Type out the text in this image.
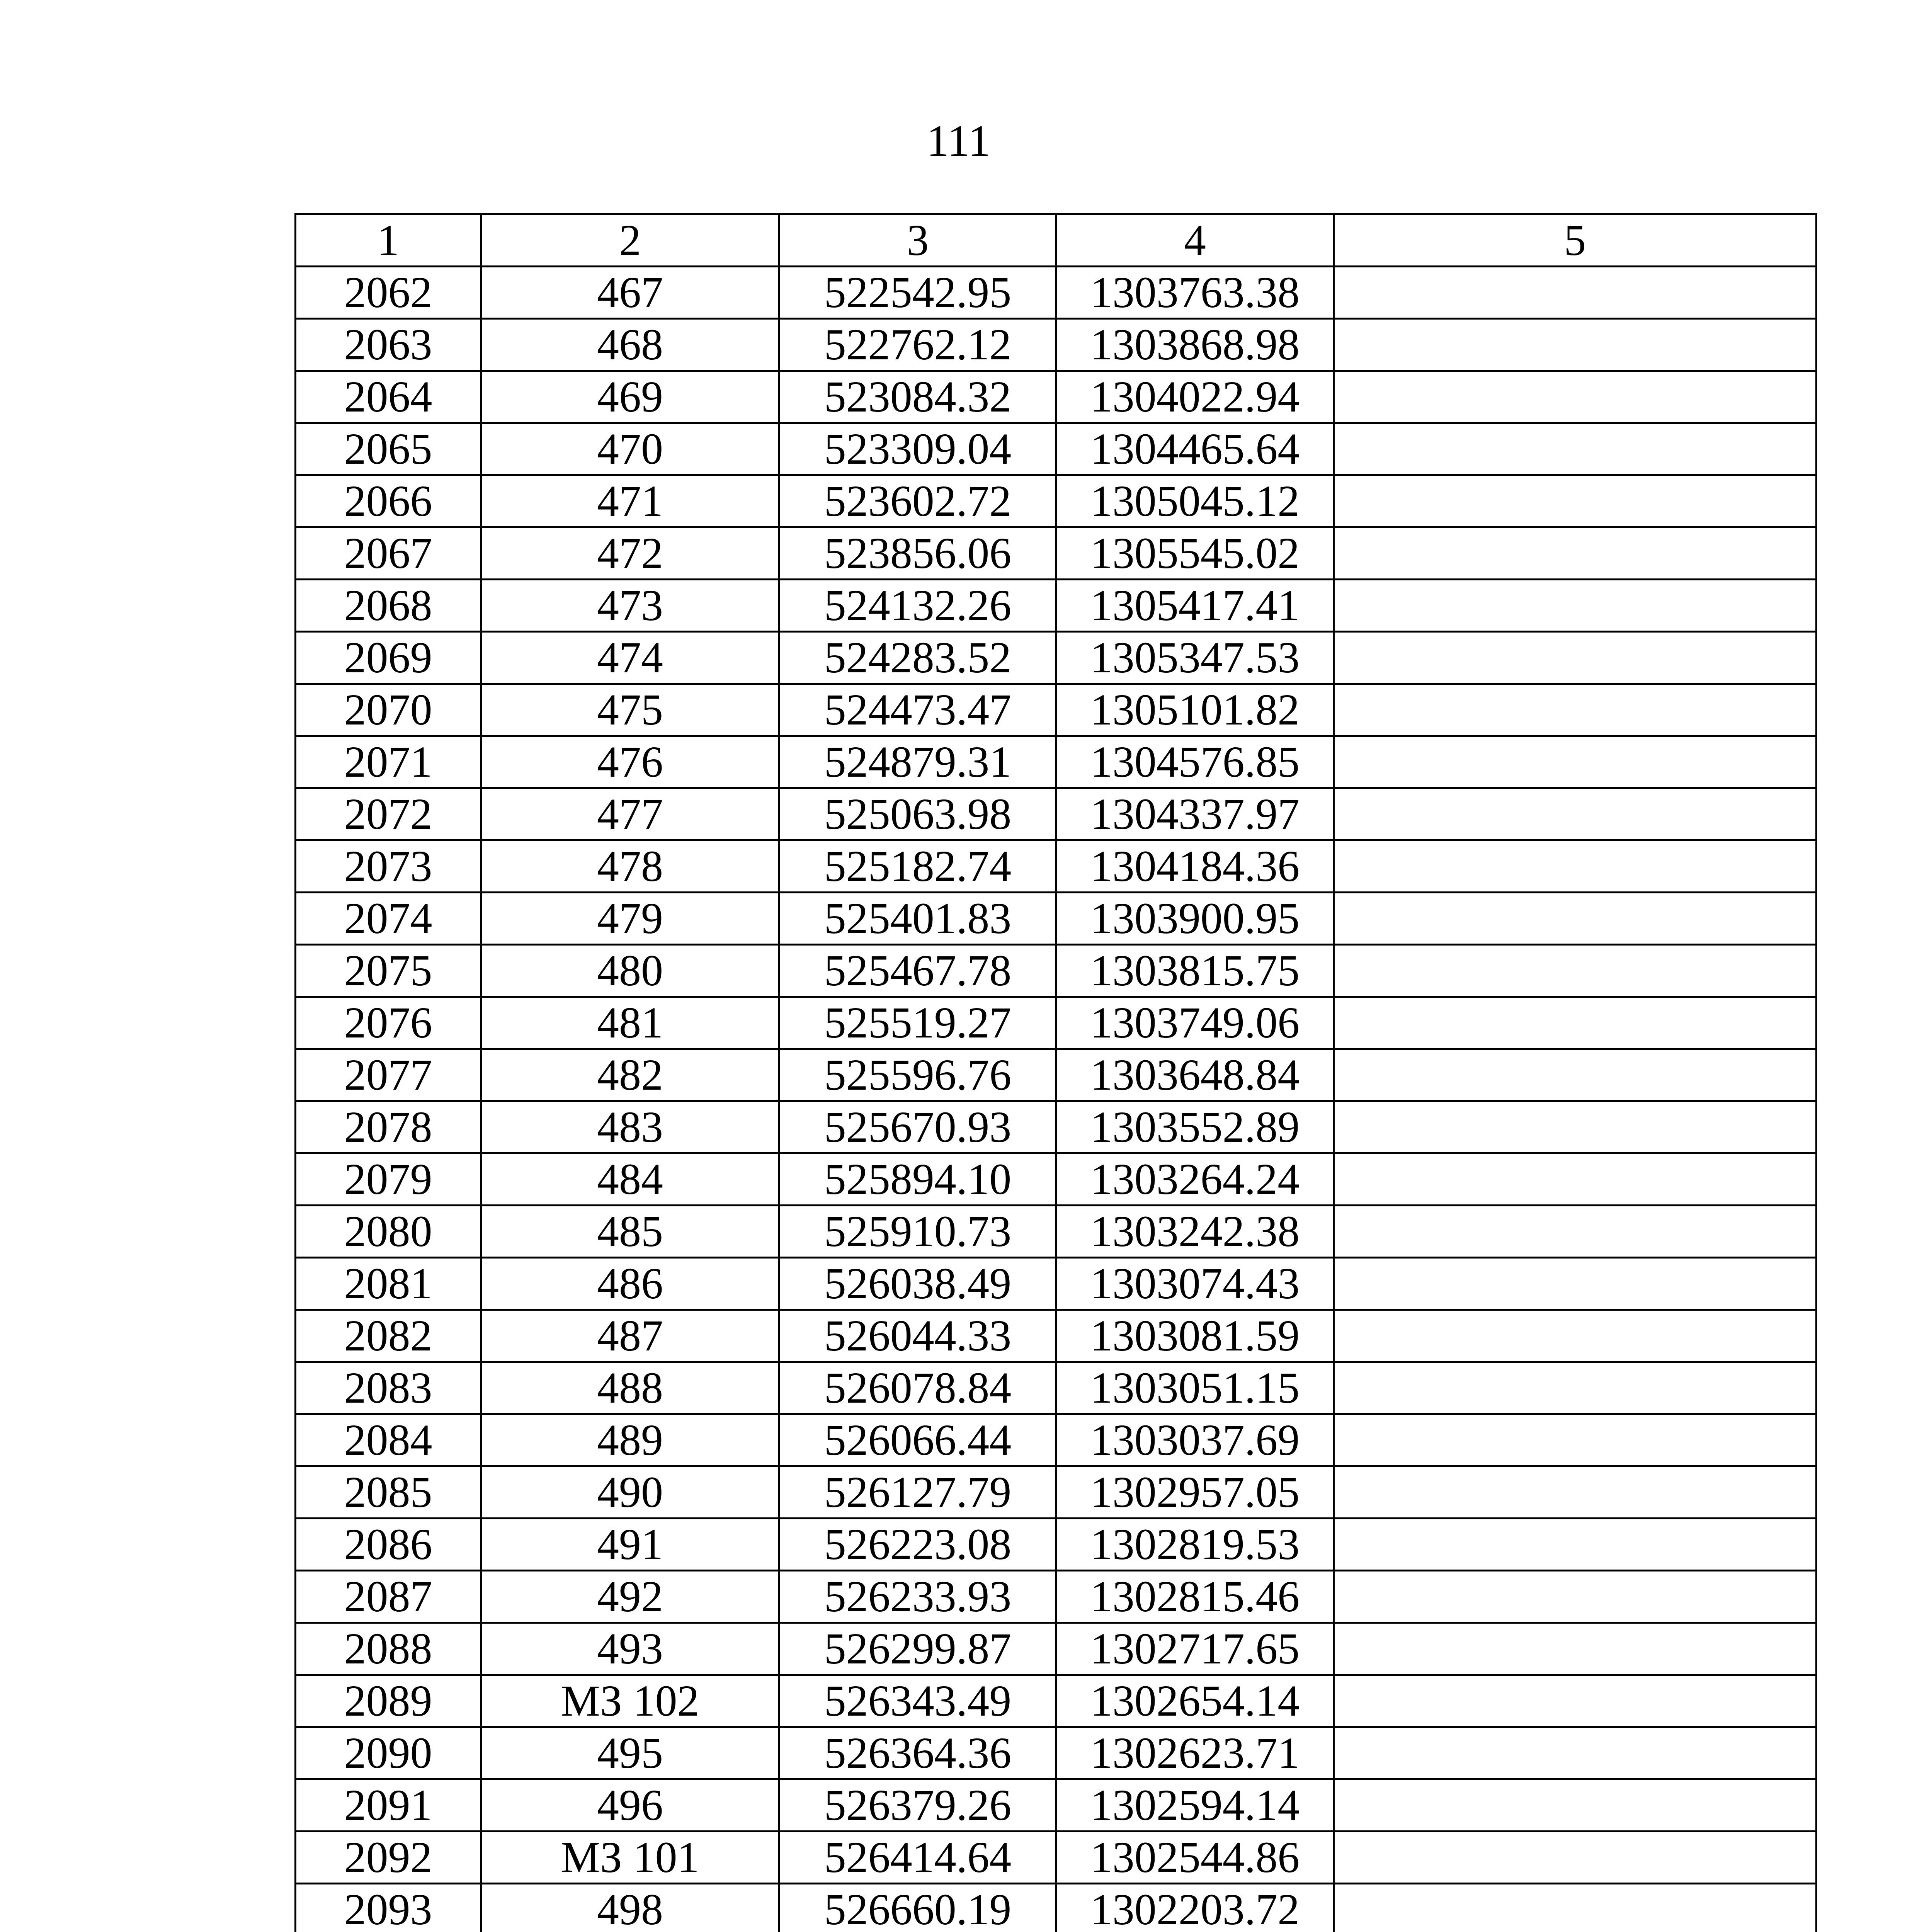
111
1	2	3	4	5
2062	467	522542.95	1303763.38	
2063	468	522762.12	1303868.98	
2064	469	523084.32	1304022.94	
2065	470	523309.04	1304465.64	
2066	471	523602.72	1305045.12	
2067	472	523856.06	1305545.02	
2068	473	524132.26	1305417.41	
2069	474	524283.52	1305347.53	
2070	475	524473.47	1305101.82	
2071	476	524879.31	1304576.85	
2072	477	525063.98	1304337.97	
2073	478	525182.74	1304184.36	
2074	479	525401.83	1303900.95	
2075	480	525467.78	1303815.75	
2076	481	525519.27	1303749.06	
2077	482	525596.76	1303648.84	
2078	483	525670.93	1303552.89	
2079	484	525894.10	1303264.24	
2080	485	525910.73	1303242.38	
2081	486	526038.49	1303074.43	
2082	487	526044.33	1303081.59	
2083	488	526078.84	1303051.15	
2084	489	526066.44	1303037.69	
2085	490	526127.79	1302957.05	
2086	491	526223.08	1302819.53	
2087	492	526233.93	1302815.46	
2088	493	526299.87	1302717.65	
2089	МЗ 102	526343.49	1302654.14	
2090	495	526364.36	1302623.71	
2091	496	526379.26	1302594.14	
2092	МЗ 101	526414.64	1302544.86	
2093	498	526660.19	1302203.72	
